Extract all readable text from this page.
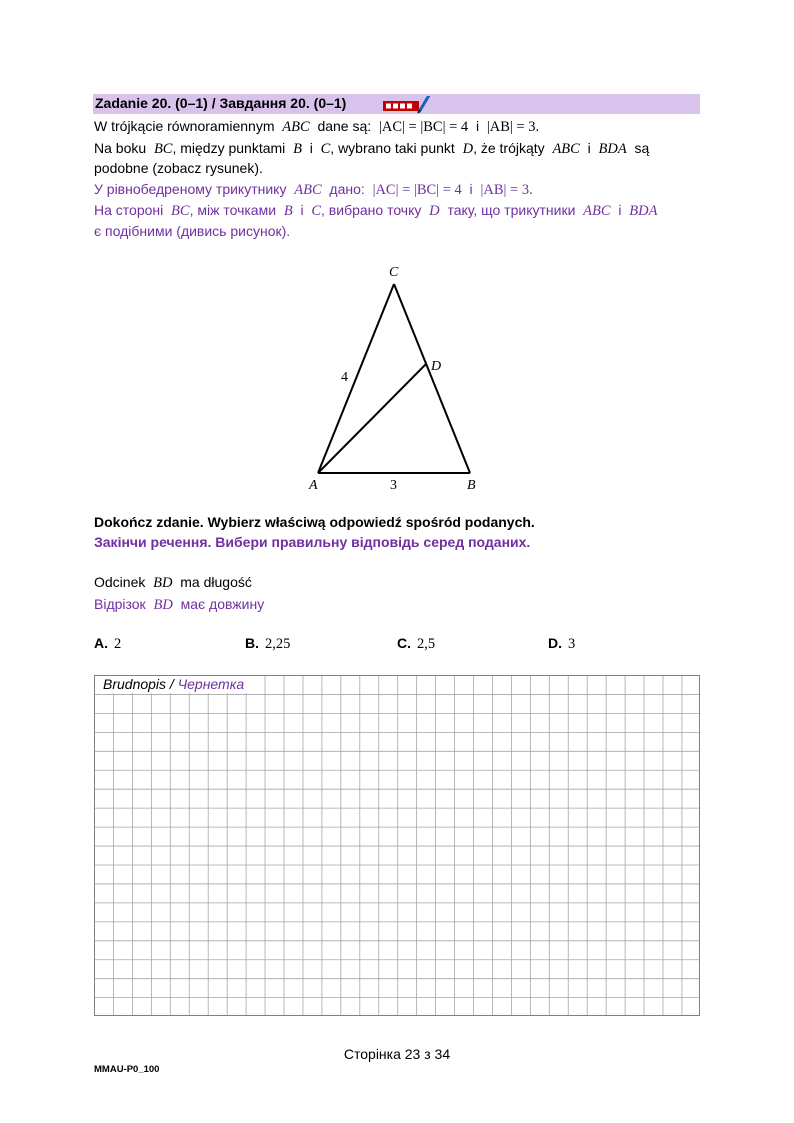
Zadanie 20. (0–1) / Завдання 20. (0–1)
W trójkącie równoramiennym ABC dane są: |AC| = |BC| = 4 i |AB| = 3.
Na boku BC, między punktami B i C, wybrano taki punkt D, że trójkąty ABC i BDA są
podobne (zobacz rysunek).
У рівнобедреному трикутнику ABC дано: |AC| = |BC| = 4 і |AB| = 3.
На стороні BC, між точками B і C, вибрано точку D таку, що трикутники ABC і BDA
є подібними (дивись рисунок).
C
D
A	B
4
3
Dokończ zdanie. Wybierz właściwą odpowiedź spośród podanych.
Закінчи речення. Вибери правильну відповідь серед поданих.
Odcinek BD ma długość
Відрізок BD має довжину
A. 2	B. 2,25	C. 2,5	D. 3
Brudnopis / Чернетка
Сторінка 23 з 34
MMAU-P0_100
